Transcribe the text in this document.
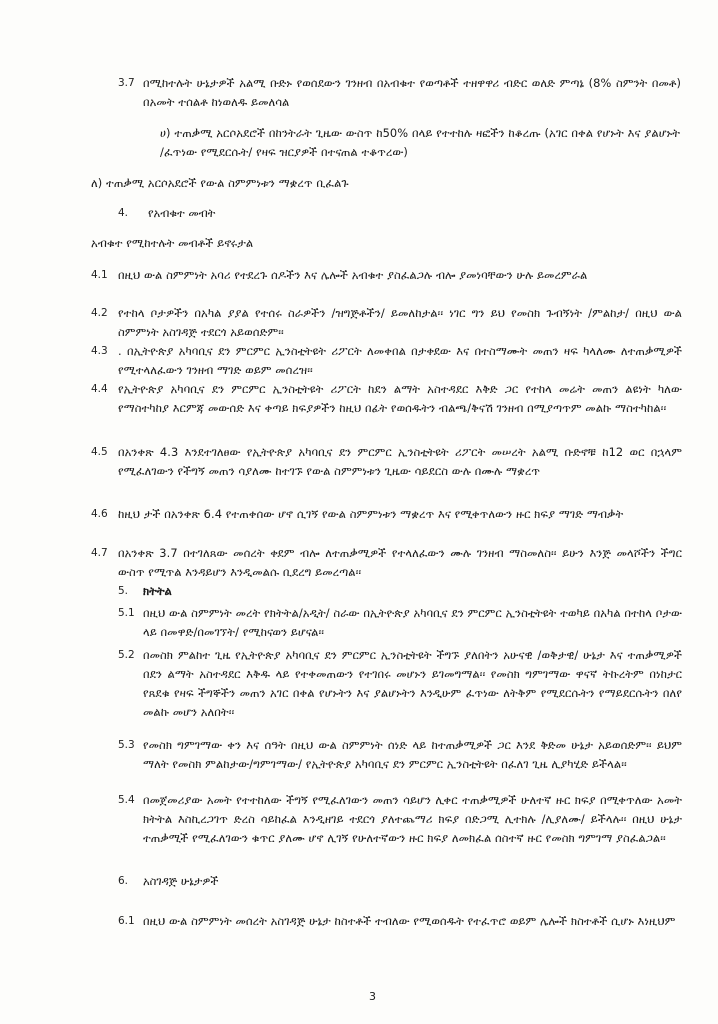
3.7 በሚከተሉት ሁኔታዎች አልሚ ቡድኑ የወሰደውን ገንዘብ በአብቁተ የወጣቶች ተዘዋዋሪ ብድር ወለድ ምጣኔ (8% ስምንት በመቶ) በአመት ተሰልቶ ከነወለዱ ይመለሳል
ሀ) ተጠቃሚ አርሶአደሮች በከንትራት ጊዜው ውስጥ ከ50% በላይ የተተከሉ ዛፎችን ከቆረጡ (አገር በቀል የሆኑት እና ያልሆኑት /ፈጥነው የሚደርሱት/ የዛፍ ዝርያዎች በተናጠል ተቆጥረው)
ለ) ተጠቃሚ አርሶአደሮች የውል ስምምነቱን ማቋረጥ ቢፈልጉ
4. የአብቁተ መብት
አብቁተ የሚከተሉት መብቶች ይኖሩታል
4.1 በዚህ ውል ስምምነት አባሪ የተደረጉ ሰዶችን እና ሌሎች አብቁተ ያስፈልጋሉ ብሎ ያመነባቸውን ሁሉ ይመረምራል
4.2 የተከላ ቦታዎችን በአካል ያያል የተሰሩ ስራዎችን /ዝግጅቶችን/ ይመለከታል፡፡ ነገር ግን ይህ የመስክ ጉብኝነት /ምልከታ/ በዚህ ውል ስምምነት አስገዳጅ ተደርጎ አይወሰድም፡፡
4.3 . በኢትዮጵያ አካባቢና ደን ምርምር ኢንስቲትዩት ሪፖርት ለመቀበል በታቀደው እና በተስማሙት መጠን ዛፍ ካላለሙ ለተጠቃሚዎች የሚተላለፈውን ገንዘብ ማገድ ወይም መሰረዝ፡፡
4.4 የኢትዮጵያ አካባቢና ደን ምርምር ኢንስቲትዩት ሪፖርት ከደን ልማት አስተዳደር እቅድ ጋር የተከላ መሬት መጠን ልዩነት ካለው የማስተካከያ እርምጃ መውሰድ እና ቀጣይ ክፍያዎችን ከዚህ በፊት የወሰዱትን ብልጫ/ቅናሽ ገንዘብ በሚያጣጥም መልኩ ማስተካከል፡፡
4.5 በአንቀጽ 4.3 እንደተገለፀው የኢትዮጵያ አካባቢና ደን ምርምር ኢንስቲትዩት ሪፖርት መሠረት አልሚ ቡድኖቹ ከ12 ወር በኋላም የሚፈለገውን የችግኝ መጠን ሳያለሙ ከተገኙ የውል ስምምነቱን ጊዜው ሳይደርስ ውሉ በሙሉ ማቋረጥ
4.6 ከዚህ ታች በአንቀጽ 6.4 የተጠቀሰው ሆኖ ሲገኝ የውል ስምምነቱን ማቋረጥ እና የሚቀጥለውን ዙር ክፍያ ማገድ ማብቃት
4.7 በአንቀጽ 3.7 በተገለጸው መሰረት ቀደም ብሎ ለተጠቃሚዎች የተላለፈውን ሙሉ ገንዘብ ማስመለስ፡፡ ይሁን እንጅ መላሾችን ችግር ውስጥ የሚጥል እንዳይሆን እንዲመልሱ ቢደረግ ይመረጣል፡፡
5. ክትትል
5.1 በዚህ ውል ስምምነት መረት የክትትል/አዲት/ ስራው በኢትዮጵያ አካባቢና ደን ምርምር ኢንስቲትዩት ተወካይ በአካል በተከላ ቦታው ላይ በመዋድ/በመገኘት/ የሚከናወን ይሆናል፡፡
5.2 በመስክ ምልከተ ጊዜ የኢትዮጵያ አካባቢና ደን ምርምር ኢንስቲትዩት ችግኙ ያለበትን አሁናዊ /ወቅታዊ/ ሁኔታ እና ተጠቃሚዎች በደን ልማት አስተዳደር እቅዱ ላይ የተቀመጠውን የተገበሩ መሆኑን ይገመግማል፡፡ የመስክ ግምገማው ዋናኛ ትኩረትም በነከታር የጸደቁ የዛፍ ችግኞችን መጠን አገር በቀል የሆኑትን እና ያልሆኑትን እንዲሁም ፈጥነው ለትቅም የሚደርሱትን የማይደርሱትን በለየ መልኩ መሆን አለበት፡፡
5.3 የመስክ ግምገማው ቀን እና ሰዓት በዚህ ውል ስምምነት ሰነድ ላይ ከተጠቃሚዎች ጋር እንደ ቅድመ ሁኔታ አይወሰድም፡፡ ይህም ማለት የመስክ ምልከታው/ግምገማው/ የኢትዮጵያ አካባቢና ደን ምርምር ኢንስቲትዩት በፈለገ ጊዜ ሊያካሂድ ይችላል፡፡
5.4 በመጀመሪያው አመት የተተከለው ችግኝ የሚፈለገውን መጠን ሳይሆን ሊቀር ተጠቃሚዎች ሁለተኛ ዙር ክፍያ በሚቀጥለው አመት ክትትል እስኪረጋገጥ ድረስ ሳይከፈል እንዲዘገይ ተደርጎ ያለተጨማሪ ክፍያ በድጋሚ ሊተክሉ /ሊያለሙ/ ይችላሉ፡፡ በዚህ ሁኔታ ተጠቃሚች የሚፈለገውን ቁጥር ያለሙ ሆኖ ሊገኝ የሁለተኛውን ዙር ክፍያ ለመክፈል ሰስተኛ ዙር የመስክ ግምገማ ያስፈልጋል፡፡
6. አስገዳጅ ሁኔታዎች
6.1 በዚህ ውል ስምምነት መሰረት አስገዳጅ ሁኔታ ከስተቶች ተብለው የሚወሰዱት የተፈጥሮ ወይም ሌሎች ክስተቶች ሲሆኑ እነዚህም
3
